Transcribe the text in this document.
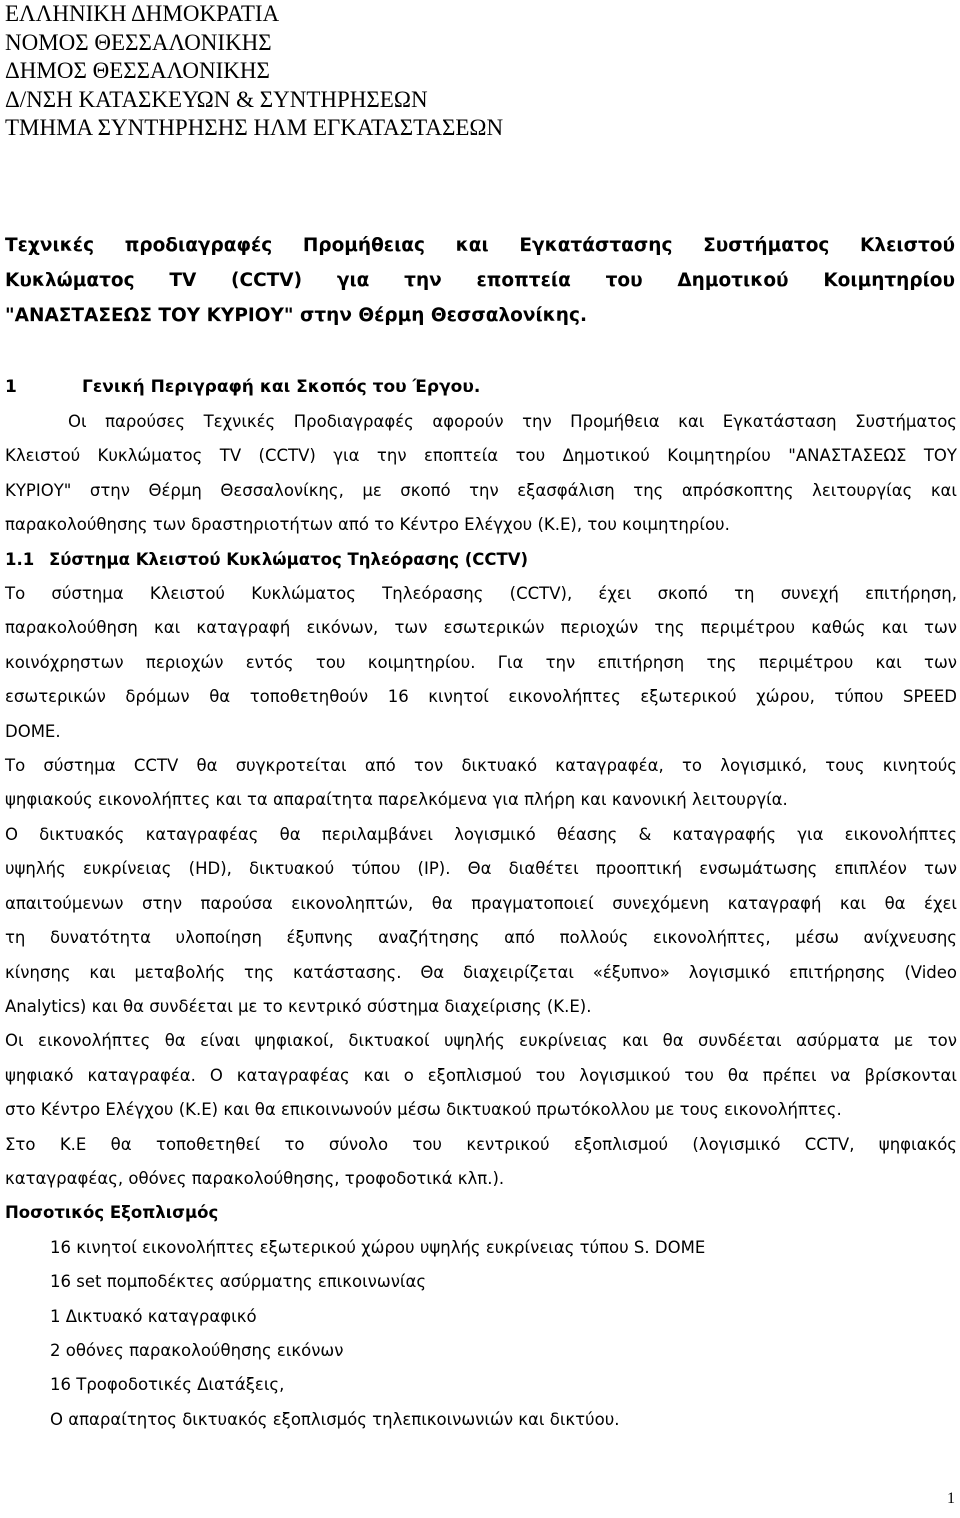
ΕΛΛΗΝΙΚΗ ΔΗΜΟΚΡΑΤΙΑ
ΝΟΜΟΣ ΘΕΣΣΑΛΟΝΙΚΗΣ
ΔΗΜΟΣ ΘΕΣΣΑΛΟΝΙΚΗΣ
Δ/ΝΣΗ ΚΑΤΑΣΚΕΥΩΝ & ΣΥΝΤΗΡΗΣΕΩΝ
ΤΜΗΜΑ ΣΥΝΤΗΡΗΣΗΣ ΗΛΜ ΕΓΚΑΤΑΣΤΑΣΕΩΝ
Τεχνικές προδιαγραφές Προμήθειας και Εγκατάστασης Συστήματος Κλειστού
Κυκλώματος TV (CCTV) για την εποπτεία του Δημοτικού Κοιμητηρίου
"ΑΝΑΣΤΑΣΕΩΣ ΤΟΥ ΚΥΡΙΟΥ" στην Θέρμη Θεσσαλονίκης.
1	Γενική Περιγραφή και Σκοπός του Έργου.
Οι παρούσες Τεχνικές Προδιαγραφές αφορούν την Προμήθεια και Εγκατάσταση Συστήματος
Κλειστού Κυκλώματος TV (CCTV) για την εποπτεία του Δημοτικού Κοιμητηρίου "ΑΝΑΣΤΑΣΕΩΣ ΤΟΥ
ΚΥΡΙΟΥ" στην Θέρμη Θεσσαλονίκης, με σκοπό την εξασφάλιση της απρόσκοπτης λειτουργίας και
παρακολούθησης των δραστηριοτήτων από το Κέντρο Ελέγχου (Κ.Ε), του κοιμητηρίου.
1.1 Σύστημα Κλειστού Κυκλώματος Τηλεόρασης (CCTV)
Το σύστημα Κλειστού Κυκλώματος Τηλεόρασης (CCTV), έχει σκοπό τη συνεχή επιτήρηση,
παρακολούθηση και καταγραφή εικόνων, των εσωτερικών περιοχών της περιμέτρου καθώς και των
κοινόχρηστων περιοχών εντός του κοιμητηρίου. Για την επιτήρηση της περιμέτρου και των
εσωτερικών δρόμων θα τοποθετηθούν 16 κινητοί εικονολήπτες εξωτερικού χώρου, τύπου SPEED
DOME.
Το σύστημα CCTV θα συγκροτείται από τον δικτυακό καταγραφέα, το λογισμικό, τους κινητούς
ψηφιακούς εικονολήπτες και τα απαραίτητα παρελκόμενα για πλήρη και κανονική λειτουργία.
Ο δικτυακός καταγραφέας θα περιλαμβάνει λογισμικό θέασης & καταγραφής για εικονολήπτες
υψηλής ευκρίνειας (HD), δικτυακού τύπου (IP). Θα διαθέτει προοπτική ενσωμάτωσης επιπλέον των
απαιτούμενων στην παρούσα εικονοληπτών, θα πραγματοποιεί συνεχόμενη καταγραφή και θα έχει
τη δυνατότητα υλοποίηση έξυπνης αναζήτησης από πολλούς εικονολήπτες, μέσω ανίχνευσης
κίνησης και μεταβολής της κατάστασης. Θα διαχειρίζεται «έξυπνο» λογισμικό επιτήρησης (Video
Analytics) και θα συνδέεται με το κεντρικό σύστημα διαχείρισης (Κ.Ε).
Οι εικονολήπτες θα είναι ψηφιακοί, δικτυακοί υψηλής ευκρίνειας και θα συνδέεται ασύρματα με τον
ψηφιακό καταγραφέα. Ο καταγραφέας και ο εξοπλισμού του λογισμικού του θα πρέπει να βρίσκονται
στο Κέντρο Ελέγχου (Κ.Ε) και θα επικοινωνούν μέσω δικτυακού πρωτόκολλου με τους εικονολήπτες.
Στο Κ.Ε θα τοποθετηθεί το σύνολο του κεντρικού εξοπλισμού (λογισμικό CCTV, ψηφιακός
καταγραφέας, οθόνες παρακολούθησης, τροφοδοτικά κλπ.).
Ποσοτικός Εξοπλισμός
16 κινητοί εικονολήπτες εξωτερικού χώρου υψηλής ευκρίνειας τύπου S. DOME
16 set πομποδέκτες ασύρματης επικοινωνίας
1 Δικτυακό καταγραφικό
2 οθόνες παρακολούθησης εικόνων
16 Τροφοδοτικές Διατάξεις,
Ο απαραίτητος δικτυακός εξοπλισμός τηλεπικοινωνιών και δικτύου.
1
